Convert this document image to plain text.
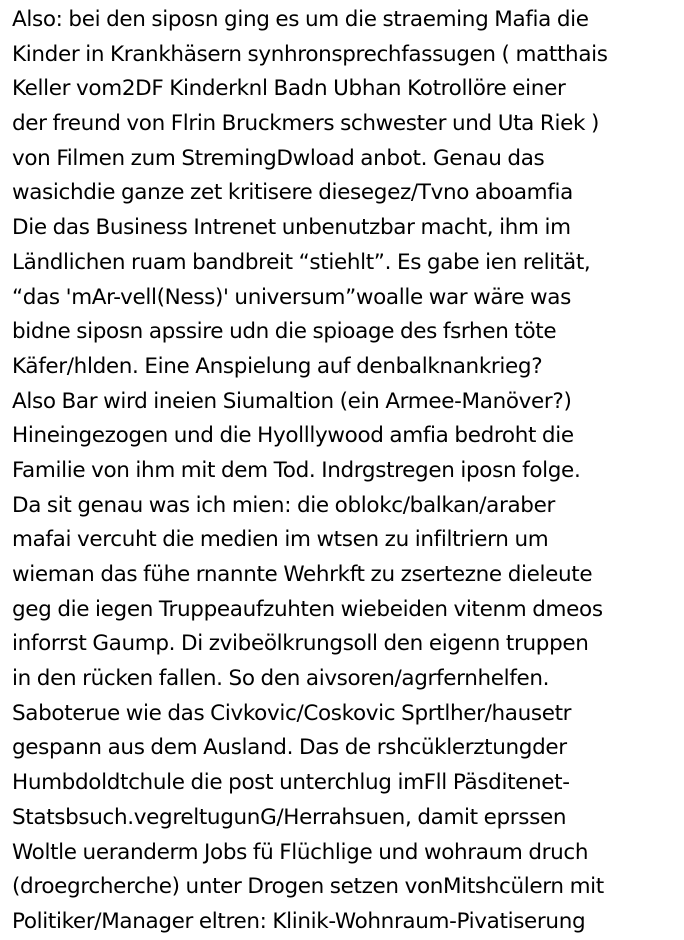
Also: bei den siposn ging es um die straeming Mafia die
Kinder in Krankhäsern synhronsprechfassugen ( matthais
Keller vom2DF Kinderknl Badn Ubhan Kotrollöre einer
der freund von Flrin Bruckmers schwester und Uta Riek )
von Filmen zum StremingDwload anbot. Genau das
wasichdie ganze zet kritisere diesegez/Tvno aboamfia
Die das Business Intrenet unbenutzbar macht, ihm im
Ländlichen ruam bandbreit “stiehlt”. Es gabe ien relität,
“das 'mAr-vell(Ness)' universum”woalle war wäre was
bidne siposn apssire udn die spioage des fsrhen töte
Käfer/hlden. Eine Anspielung auf denbalknankrieg?
Also Bar wird ineien Siumaltion (ein Armee-Manöver?)
Hineingezogen und die Hyolllywood amfia bedroht die
Familie von ihm mit dem Tod. Indrgstregen iposn folge.
Da sit genau was ich mien: die oblokc/balkan/araber
mafai vercuht die medien im wtsen zu infiltriern um
wieman das fühe rnannte Wehrkft zu zsertezne dieleute
geg die iegen Truppeaufzuhten wiebeiden vitenm dmeos
inforrst Gaump. Di zvibeölkrungsoll den eigenn truppen
in den rücken fallen. So den aivsoren/agrfernhelfen.
Saboterue wie das Civkovic/Coskovic Sprtlher/hausetr
gespann aus dem Ausland. Das de rshcüklerztungder
Humbdoldtchule die post unterchlug imFll Päsditenet-
Statsbsuch.vegreltugunG/Herrahsuen, damit eprssen
Woltle ueranderm Jobs fü Flüchlige und wohraum druch
(droegrcherche) unter Drogen setzen vonMitshcülern mit
Politiker/Manager eltren: Klinik-Wohnraum-Pivatiserung
